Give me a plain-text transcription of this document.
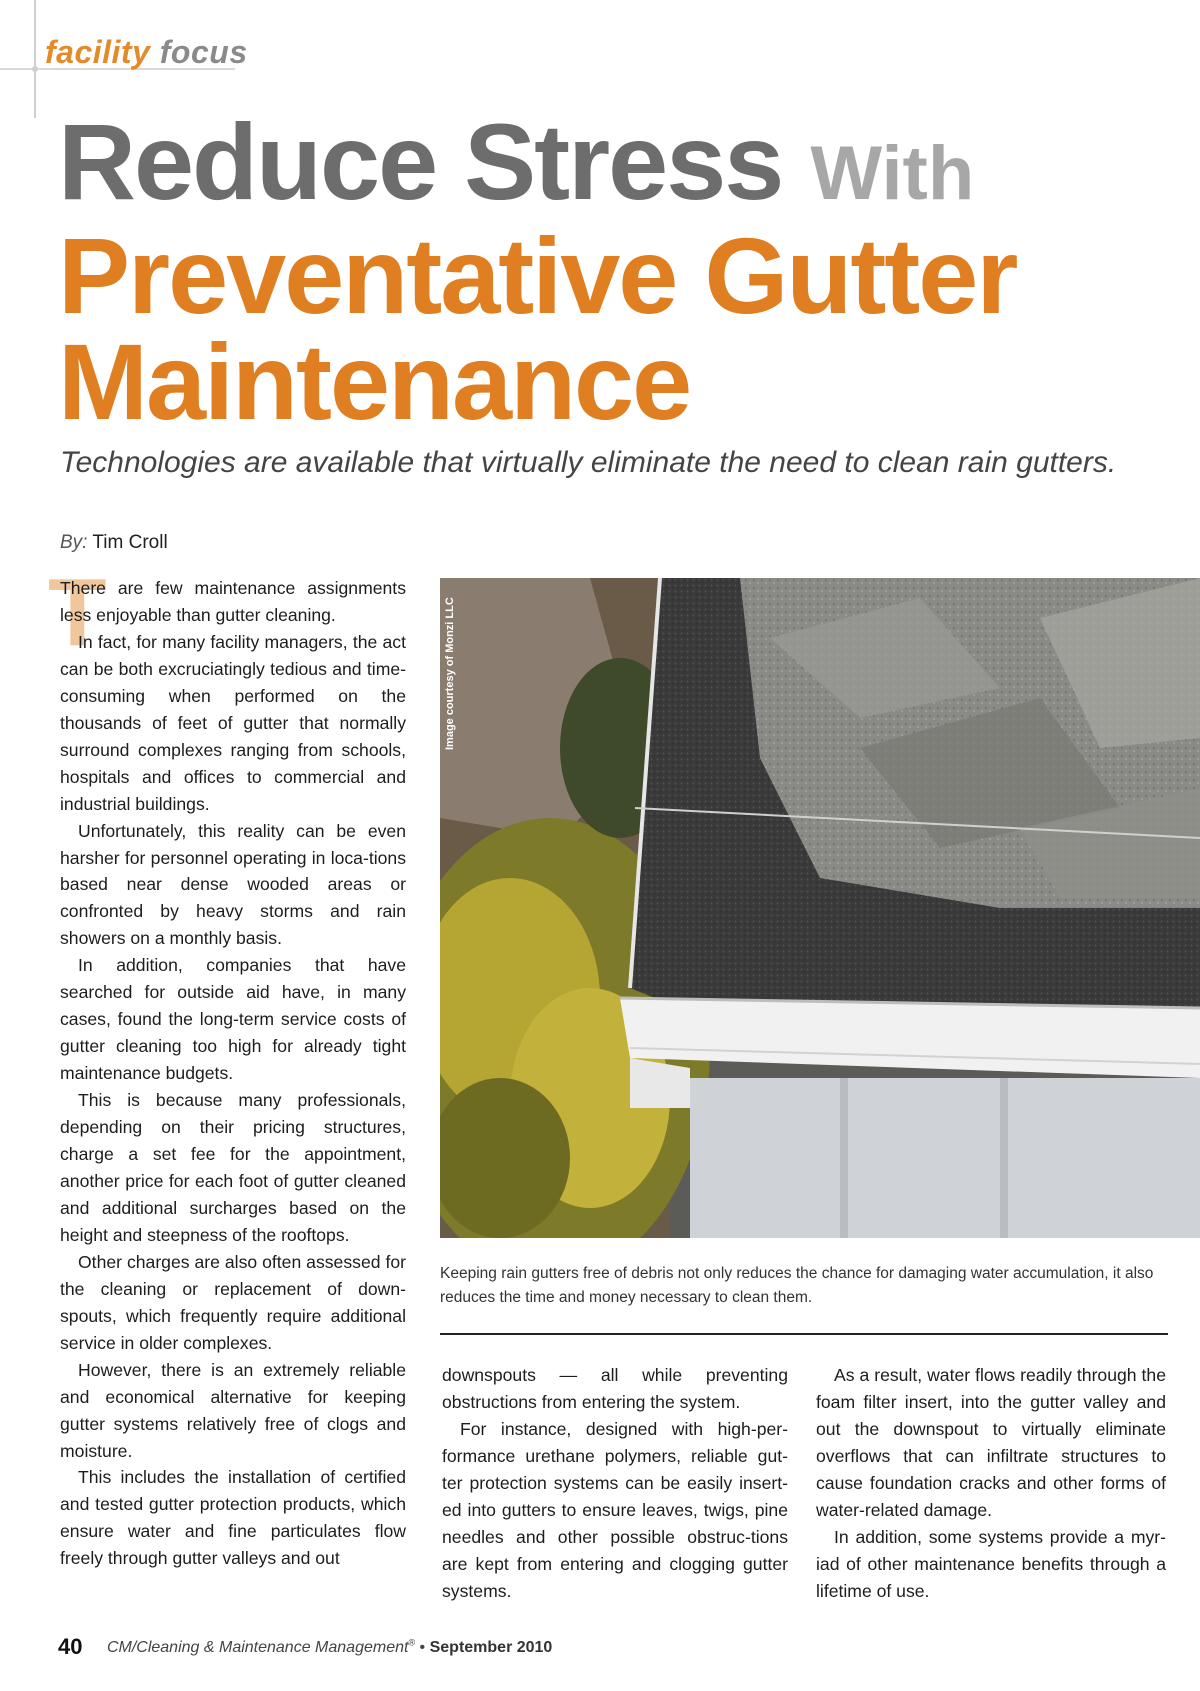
facility focus
Reduce Stress With
Preventative Gutter
Maintenance
Technologies are available that virtually eliminate the need to clean rain gutters.
By: Tim Croll
T

There are few maintenance assignments less enjoyable than gutter cleaning.

In fact, for many facility managers, the act can be both excruciatingly tedious and time-consuming when performed on the thousands of feet of gutter that normally surround complexes ranging from schools, hospitals and offices to commercial and industrial buildings.

Unfortunately, this reality can be even harsher for personnel operating in loca-tions based near dense wooded areas or confronted by heavy storms and rain showers on a monthly basis.

In addition, companies that have searched for outside aid have, in many cases, found the long-term service costs of gutter cleaning too high for already tight maintenance budgets.

This is because many professionals, depending on their pricing structures, charge a set fee for the appointment, another price for each foot of gutter cleaned and additional surcharges based on the height and steepness of the rooftops.

Other charges are also often assessed for the cleaning or replacement of down-spouts, which frequently require additional service in older complexes.

However, there is an extremely reliable and economical alternative for keeping gutter systems relatively free of clogs and moisture.

This includes the installation of certified and tested gutter protection products, which ensure water and fine particulates flow freely through gutter valleys and out

Image courtesy of Monzi LLC
Keeping rain gutters free of debris not only reduces the chance for damaging water accumulation, it also reduces the time and money necessary to clean them.

downspouts — all while preventing obstructions from entering the system.

For instance, designed with high-per-formance urethane polymers, reliable gut-ter protection systems can be easily insert-ed into gutters to ensure leaves, twigs, pine needles and other possible obstruc-tions are kept from entering and clogging gutter systems.

As a result, water flows readily through the foam filter insert, into the gutter valley and out the downspout to virtually eliminate overflows that can infiltrate structures to cause foundation cracks and other forms of water-related damage.

In addition, some systems provide a myr-iad of other maintenance benefits through a lifetime of use.

40 CM/Cleaning & Maintenance Management® • September 2010
